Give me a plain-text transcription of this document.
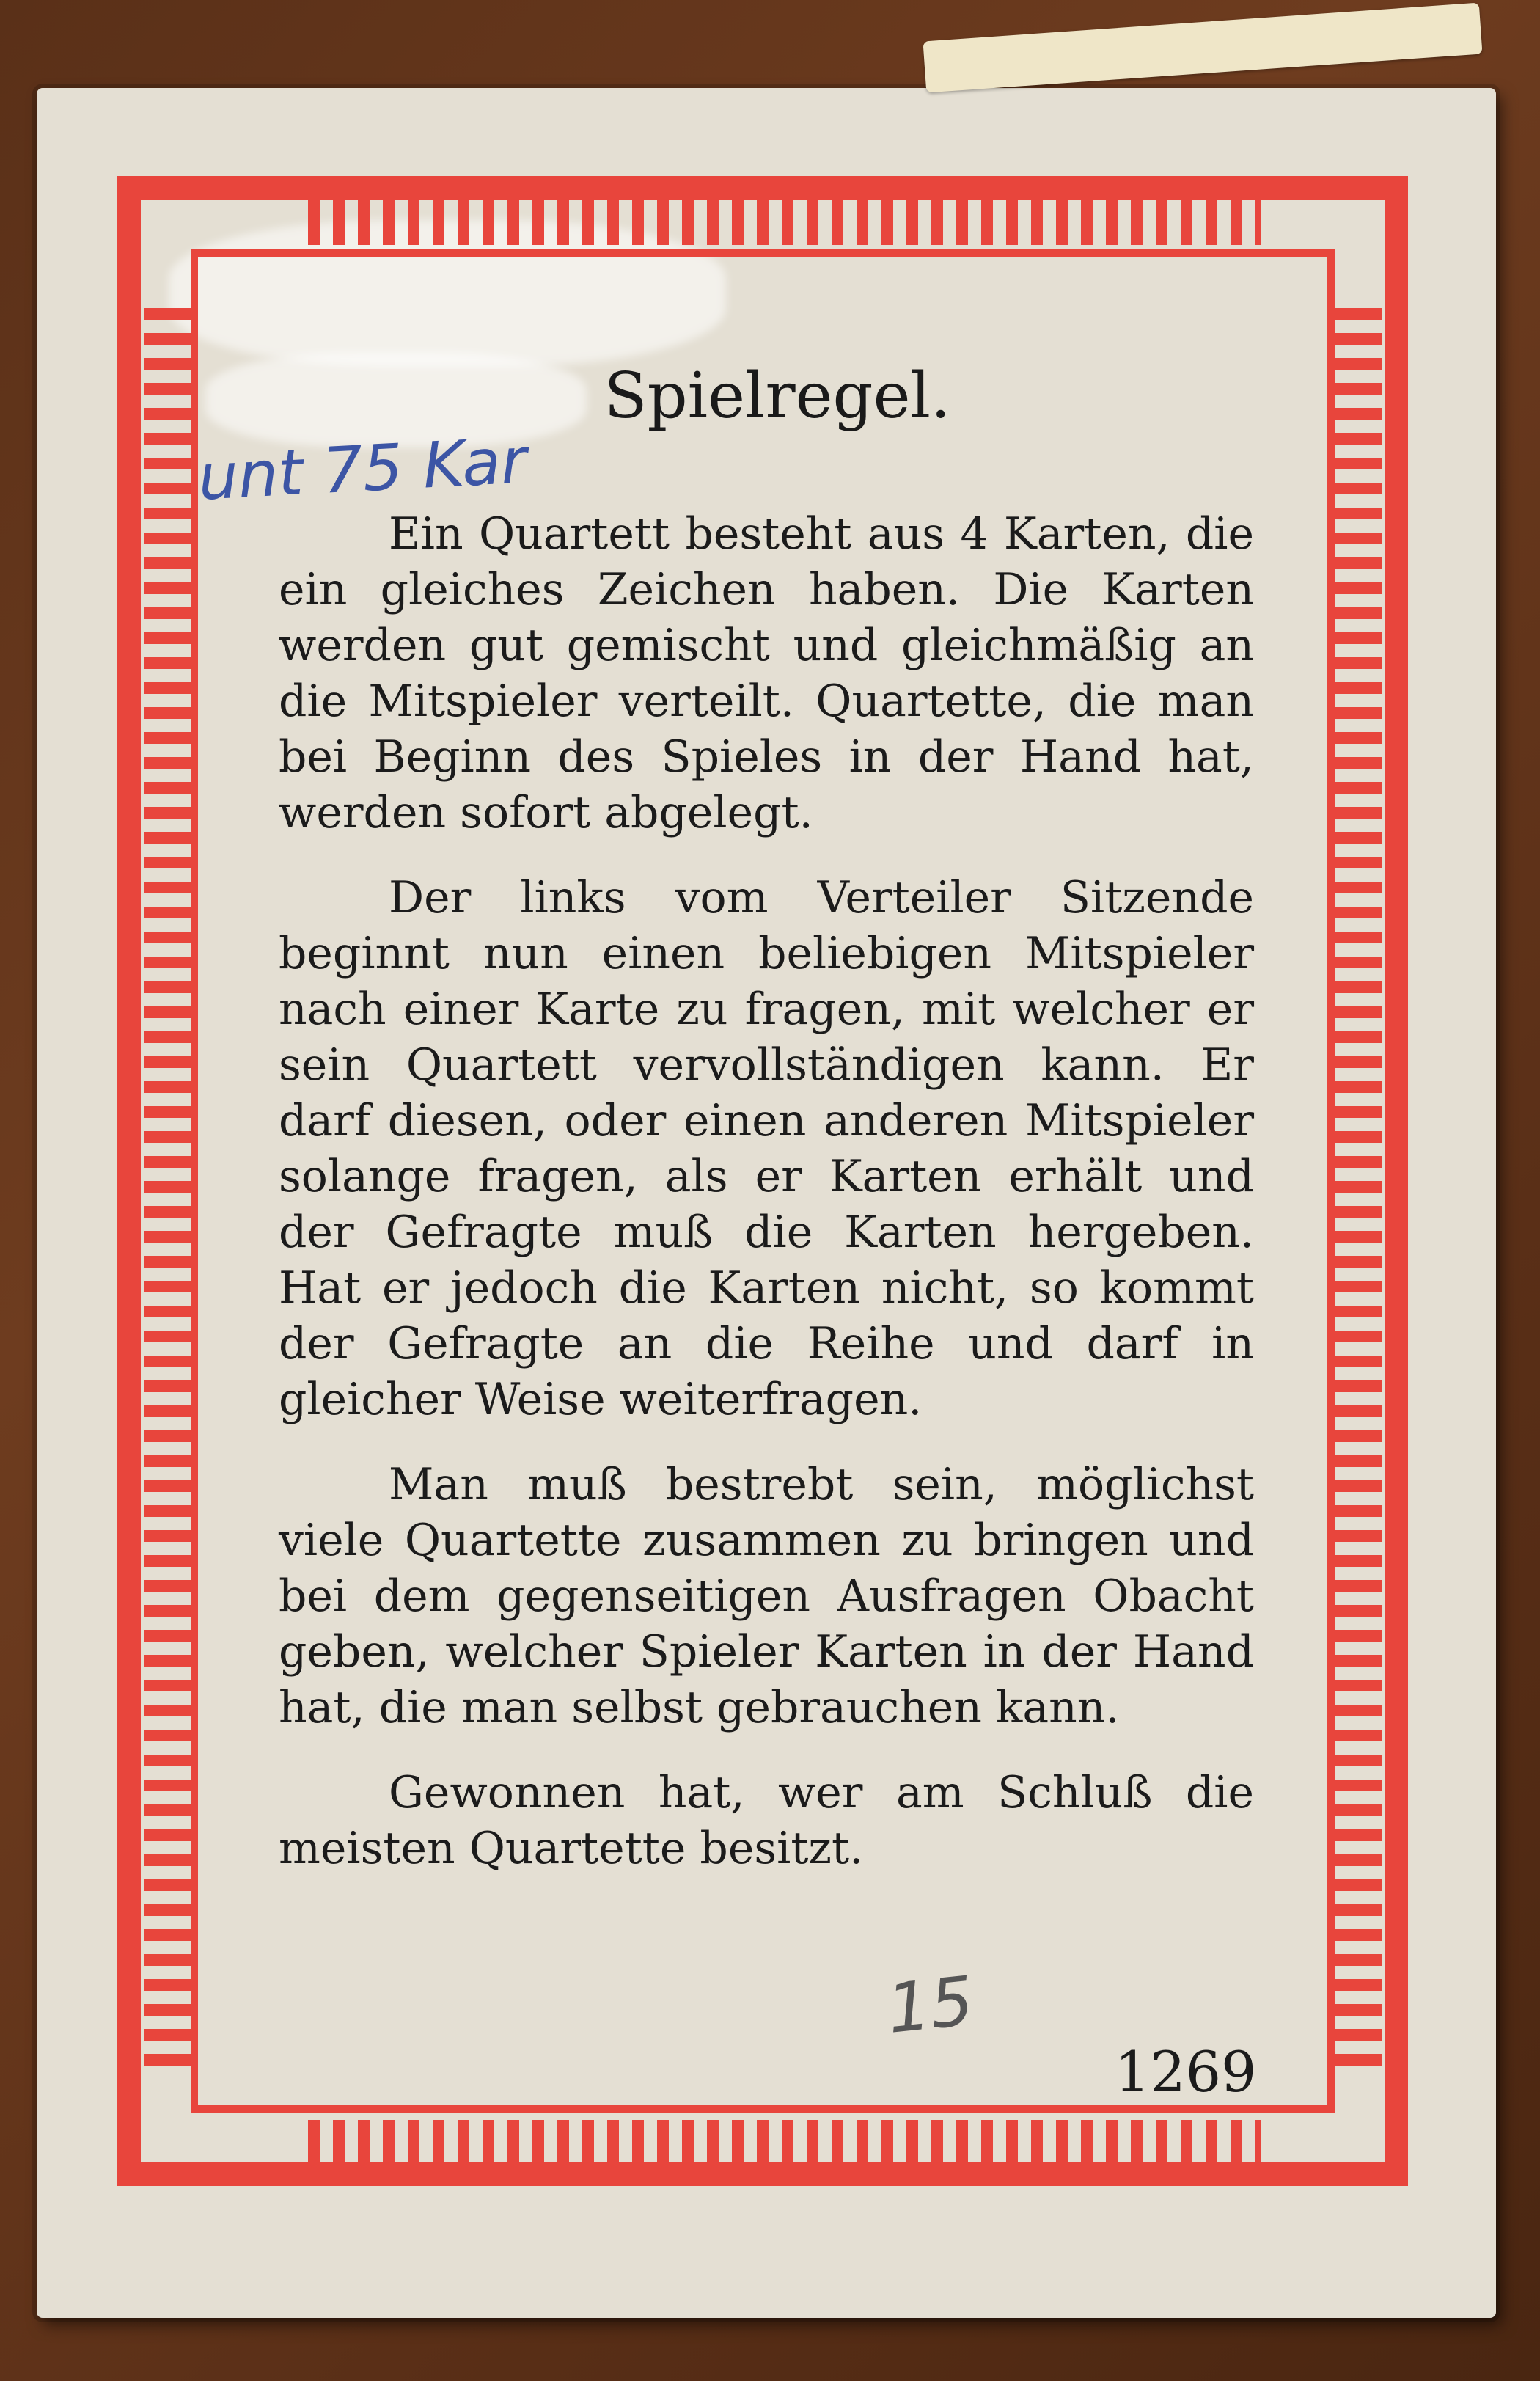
Spielregel.
unt 75 Kar

Ein Quartett besteht aus 4 Karten, die ein gleiches Zeichen haben. Die Karten werden gut gemischt und gleichmäßig an die Mitspieler verteilt. Quartette, die man bei Beginn des Spieles in der Hand hat, werden sofort abgelegt.

Der links vom Verteiler Sitzende beginnt nun einen beliebigen Mitspieler nach einer Karte zu fragen, mit welcher er sein Quartett vervollständigen kann. Er darf diesen, oder einen anderen Mitspieler solange fragen, als er Karten erhält und der Gefragte muß die Karten hergeben. Hat er jedoch die Karten nicht, so kommt der Gefragte an die Reihe und darf in gleicher Weise weiterfragen.

Man muß bestrebt sein, möglichst viele Quartette zusammen zu bringen und bei dem gegenseitigen Ausfragen Obacht geben, welcher Spieler Karten in der Hand hat, die man selbst gebrauchen kann.

Gewonnen hat, wer am Schluß die meisten Quartette besitzt.

15
1269
